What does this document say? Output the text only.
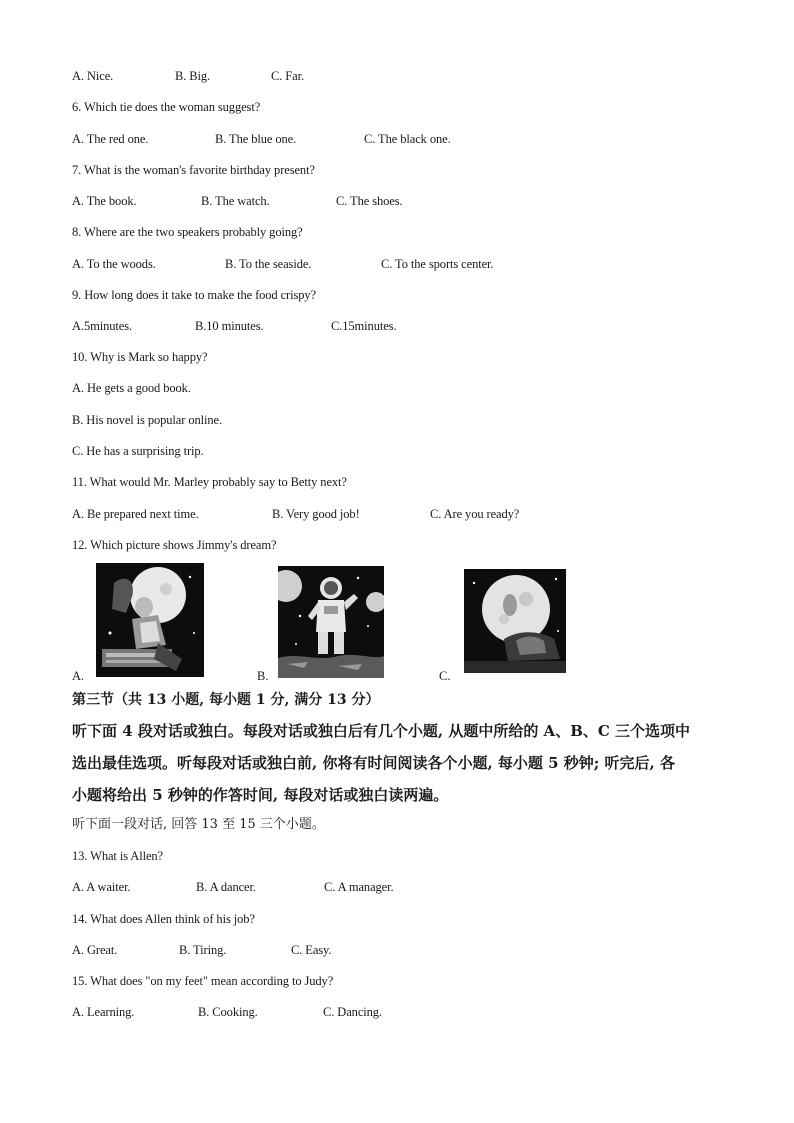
A. Nice.	B. Big.	C. Far.
6. Which tie does the woman suggest?
A. The red one.	B. The blue one.	C. The black one.
7. What is the woman's favorite birthday present?
A. The book.	B. The watch.	C. The shoes.
8. Where are the two speakers probably going?
A. To the woods.	B. To the seaside.	C. To the sports center.
9. How long does it take to make the food crispy?
A.5minutes.	B.10 minutes.	C.15minutes.
10. Why is Mark so happy?
A. He gets a good book.
B. His novel is popular online.
C. He has a surprising trip.
11. What would Mr. Marley probably say to Betty next?
A. Be prepared next time.	B. Very good job!	C. Are you ready?
12. Which picture shows Jimmy's dream?
A.	B.	C.
第三节（共 13 小题, 每小题 1 分, 满分 13 分）
听下面 4 段对话或独白。每段对话或独白后有几个小题, 从题中所给的 A、B、C 三个选项中
选出最佳选项。听每段对话或独白前, 你将有时间阅读各个小题, 每小题 5 秒钟; 听完后, 各
小题将给出 5 秒钟的作答时间, 每段对话或独白读两遍。
听下面一段对话, 回答 13 至 15 三个小题。
13. What is Allen?
A. A waiter.	B. A dancer.	C. A manager.
14. What does Allen think of his job?
A. Great.	B. Tiring.	C. Easy.
15. What does "on my feet" mean according to Judy?
A. Learning.	B. Cooking.	C. Dancing.
